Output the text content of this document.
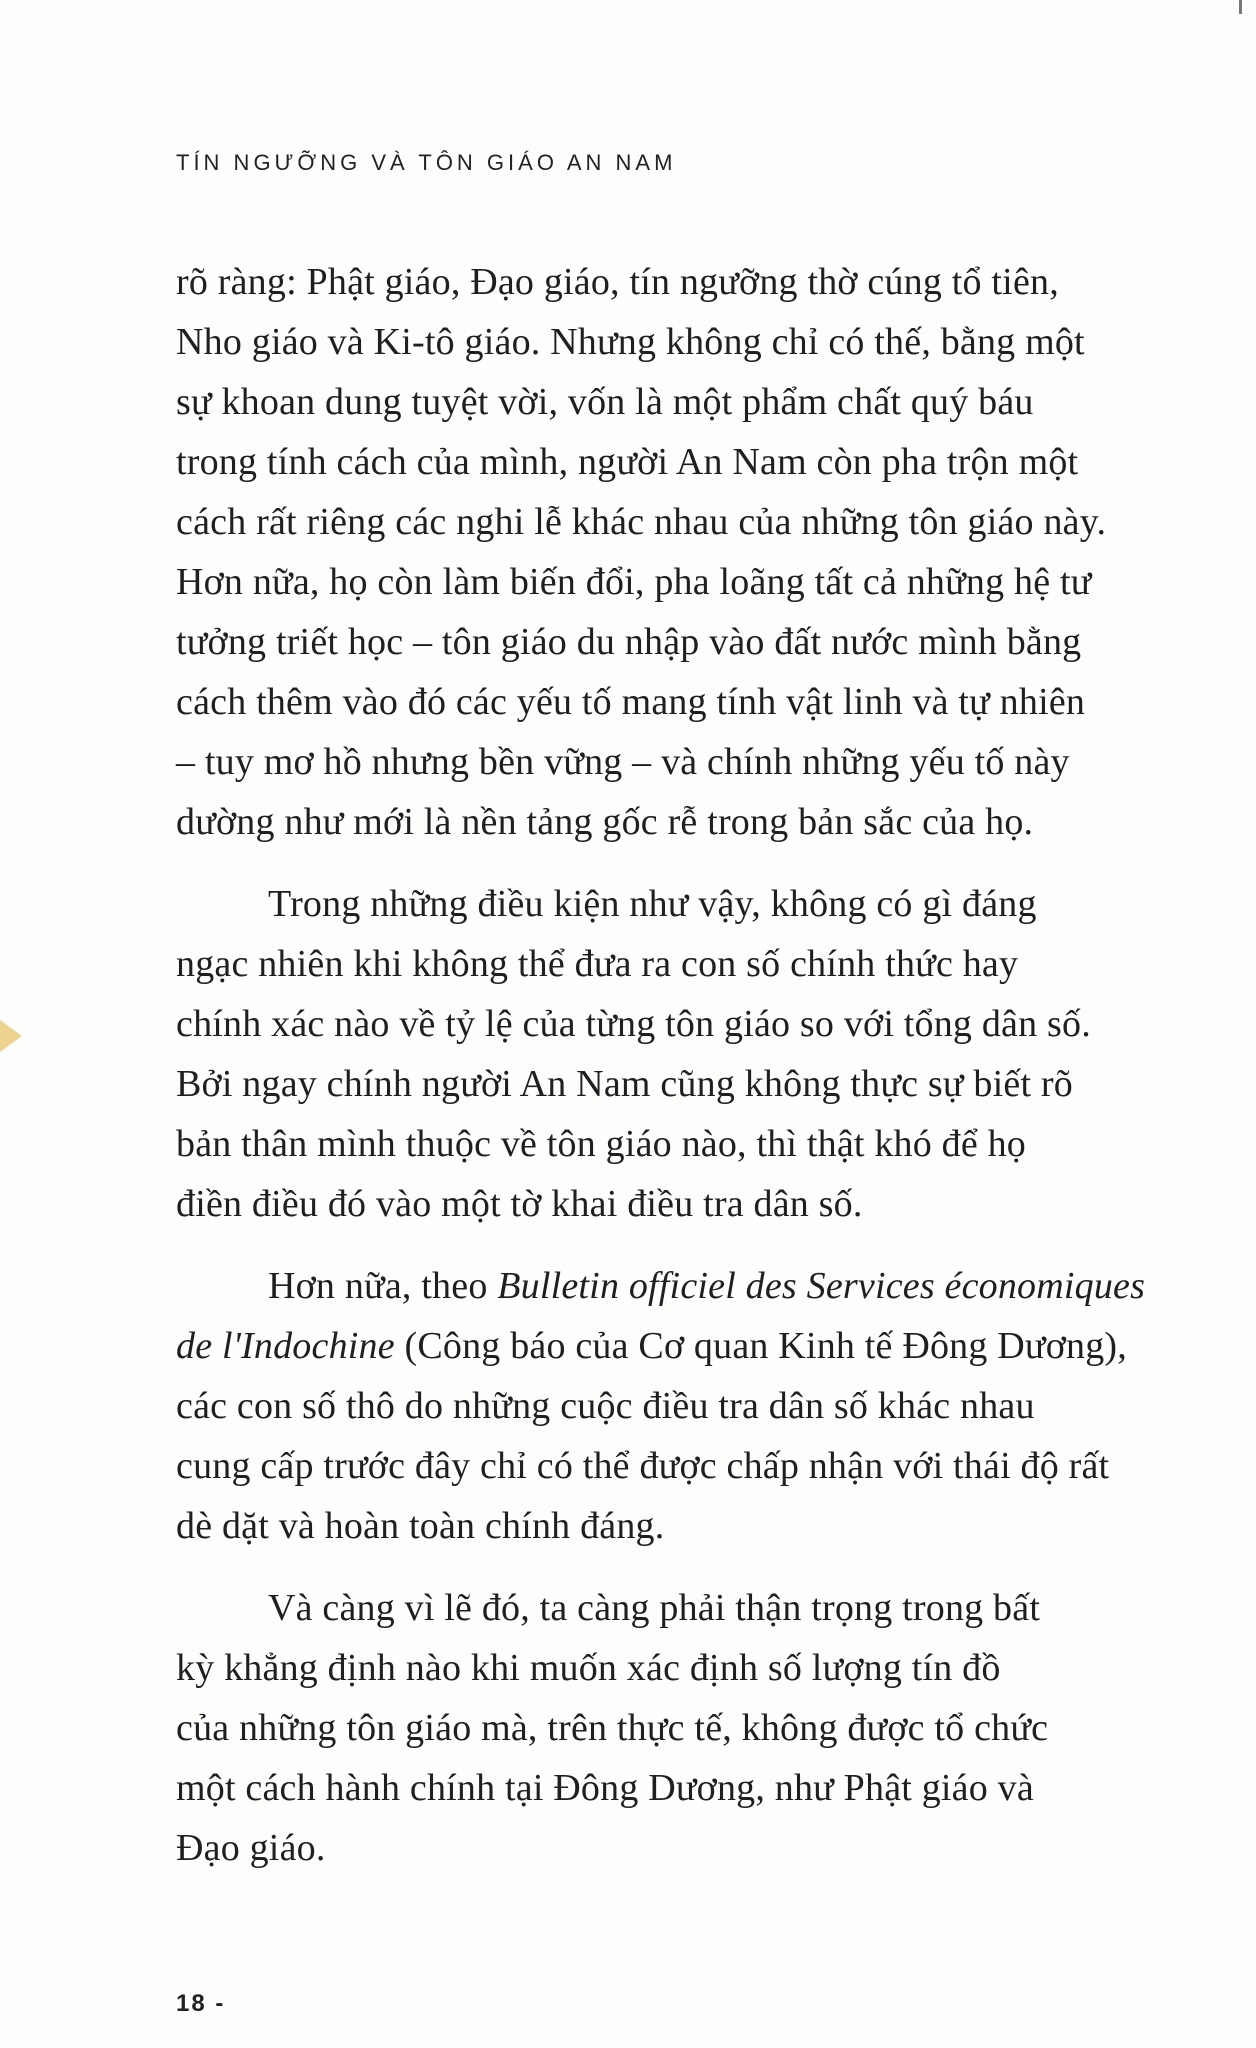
TÍN NGƯỠNG VÀ TÔN GIÁO AN NAM
rõ ràng: Phật giáo, Đạo giáo, tín ngưỡng thờ cúng tổ tiên,
Nho giáo và Ki-tô giáo. Nhưng không chỉ có thế, bằng một
sự khoan dung tuyệt vời, vốn là một phẩm chất quý báu
trong tính cách của mình, người An Nam còn pha trộn một
cách rất riêng các nghi lễ khác nhau của những tôn giáo này.
Hơn nữa, họ còn làm biến đổi, pha loãng tất cả những hệ tư
tưởng triết học – tôn giáo du nhập vào đất nước mình bằng
cách thêm vào đó các yếu tố mang tính vật linh và tự nhiên
– tuy mơ hồ nhưng bền vững – và chính những yếu tố này
dường như mới là nền tảng gốc rễ trong bản sắc của họ.
Trong những điều kiện như vậy, không có gì đáng
ngạc nhiên khi không thể đưa ra con số chính thức hay
chính xác nào về tỷ lệ của từng tôn giáo so với tổng dân số.
Bởi ngay chính người An Nam cũng không thực sự biết rõ
bản thân mình thuộc về tôn giáo nào, thì thật khó để họ
điền điều đó vào một tờ khai điều tra dân số.
Hơn nữa, theo Bulletin officiel des Services économiques
de l'Indochine (Công báo của Cơ quan Kinh tế Đông Dương),
các con số thô do những cuộc điều tra dân số khác nhau
cung cấp trước đây chỉ có thể được chấp nhận với thái độ rất
dè dặt và hoàn toàn chính đáng.
Và càng vì lẽ đó, ta càng phải thận trọng trong bất
kỳ khẳng định nào khi muốn xác định số lượng tín đồ
của những tôn giáo mà, trên thực tế, không được tổ chức
một cách hành chính tại Đông Dương, như Phật giáo và
Đạo giáo.
18 -
